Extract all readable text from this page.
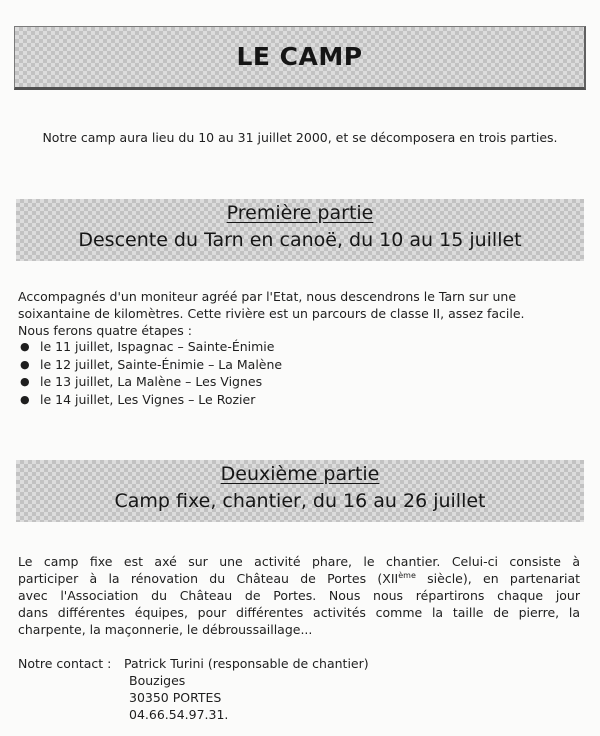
LE CAMP
Notre camp aura lieu du 10 au 31 juillet 2000, et se décomposera en trois parties.
Première partie
Descente du Tarn en canoë, du 10 au 15 juillet
Accompagnés d'un moniteur agréé par l'Etat, nous descendrons le Tarn sur une
soixantaine de kilomètres. Cette rivière est un parcours de classe II, assez facile.
Nous ferons quatre étapes :
● le 11 juillet, Ispagnac – Sainte-Énimie
● le 12 juillet, Sainte-Énimie – La Malène
● le 13 juillet, La Malène – Les Vignes
● le 14 juillet, Les Vignes – Le Rozier
Deuxième partie
Camp fixe, chantier, du 16 au 26 juillet
Le camp fixe est axé sur une activité phare, le chantier. Celui-ci consiste à
participer à la rénovation du Château de Portes (XIIème siècle), en partenariat
avec l'Association du Château de Portes. Nous nous répartirons chaque jour
dans différentes équipes, pour différentes activités comme la taille de pierre, la
charpente, la maçonnerie, le débroussaillage...
Notre contact :	Patrick Turini (responsable de chantier)
Bouziges
30350 PORTES
04.66.54.97.31.
